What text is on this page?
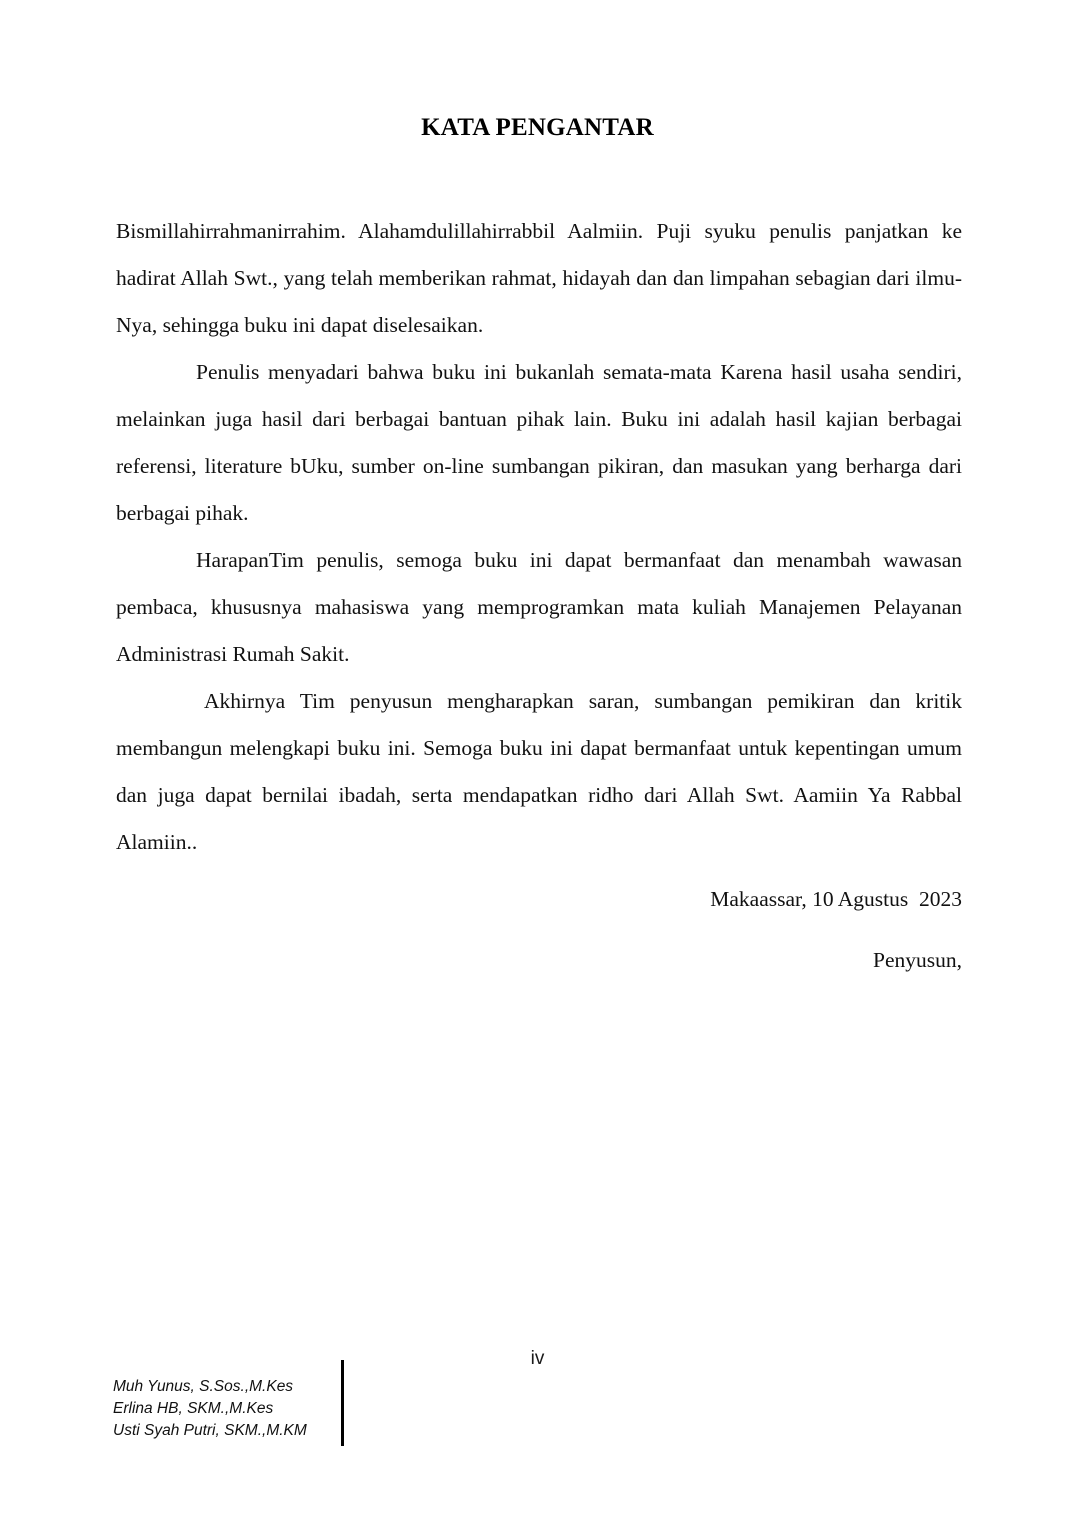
KATA PENGANTAR

Bismillahirrahmanirrahim. Alahamdulillahirrabbil Aalmiin. Puji syuku penulis panjatkan ke hadirat Allah Swt., yang telah memberikan rahmat, hidayah dan dan limpahan sebagian dari ilmu-Nya, sehingga buku ini dapat diselesaikan.

Penulis menyadari bahwa buku ini bukanlah semata-mata Karena hasil usaha sendiri, melainkan juga hasil dari berbagai bantuan pihak lain. Buku ini adalah hasil kajian berbagai referensi, literature bUku, sumber on-line sumbangan pikiran, dan masukan yang berharga dari berbagai pihak.

HarapanTim penulis, semoga buku ini dapat bermanfaat dan menambah wawasan pembaca, khususnya mahasiswa yang memprogramkan mata kuliah Manajemen Pelayanan Administrasi Rumah Sakit.

Akhirnya Tim penyusun mengharapkan saran, sumbangan pemikiran dan kritik membangun melengkapi buku ini. Semoga buku ini dapat bermanfaat untuk kepentingan umum dan juga dapat bernilai ibadah, serta mendapatkan ridho dari Allah Swt. Aamiin Ya Rabbal Alamiin..

Makaassar, 10 Agustus  2023
Penyusun,
iv
Muh Yunus, S.Sos.,M.Kes
Erlina HB, SKM.,M.Kes
Usti Syah Putri, SKM.,M.KM
